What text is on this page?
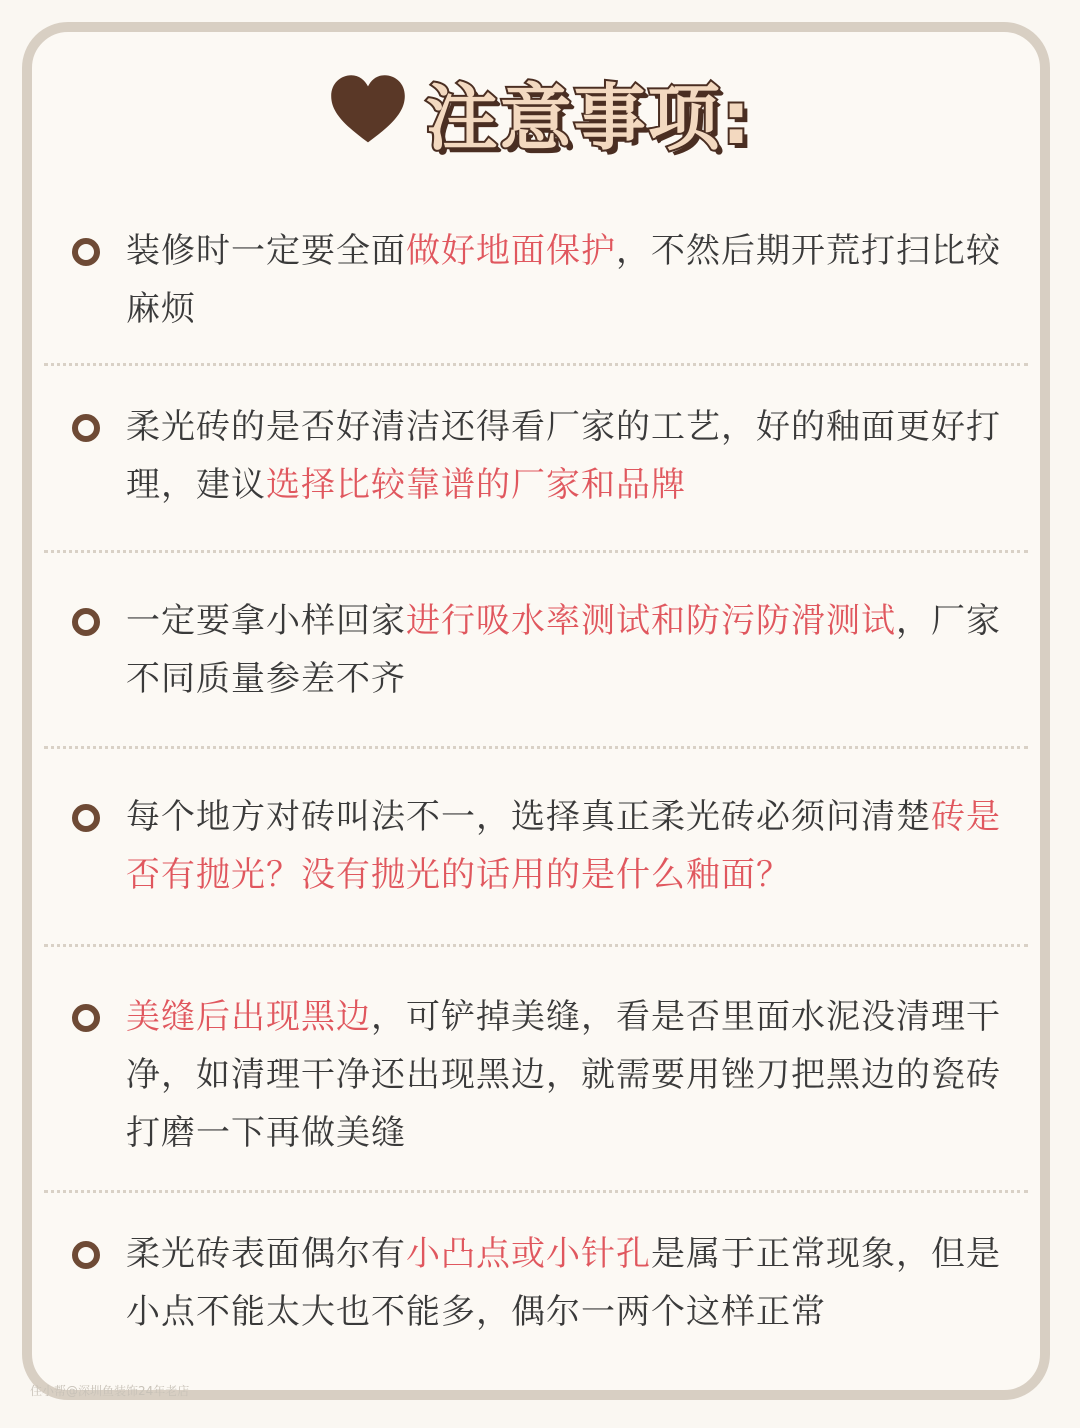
注意事项:
装修时一定要全面做好地面保护，不然后期开荒打扫比较麻烦
柔光砖的是否好清洁还得看厂家的工艺，好的釉面更好打理，建议选择比较靠谱的厂家和品牌
一定要拿小样回家进行吸水率测试和防污防滑测试，厂家不同质量参差不齐
每个地方对砖叫法不一，选择真正柔光砖必须问清楚砖是否有抛光？没有抛光的话用的是什么釉面？
美缝后出现黑边，可铲掉美缝，看是否里面水泥没清理干净，如清理干净还出现黑边，就需要用锉刀把黑边的瓷砖打磨一下再做美缝
柔光砖表面偶尔有小凸点或小针孔是属于正常现象，但是小点不能太大也不能多，偶尔一两个这样正常
住小帮@深圳鱼装饰24年老店
